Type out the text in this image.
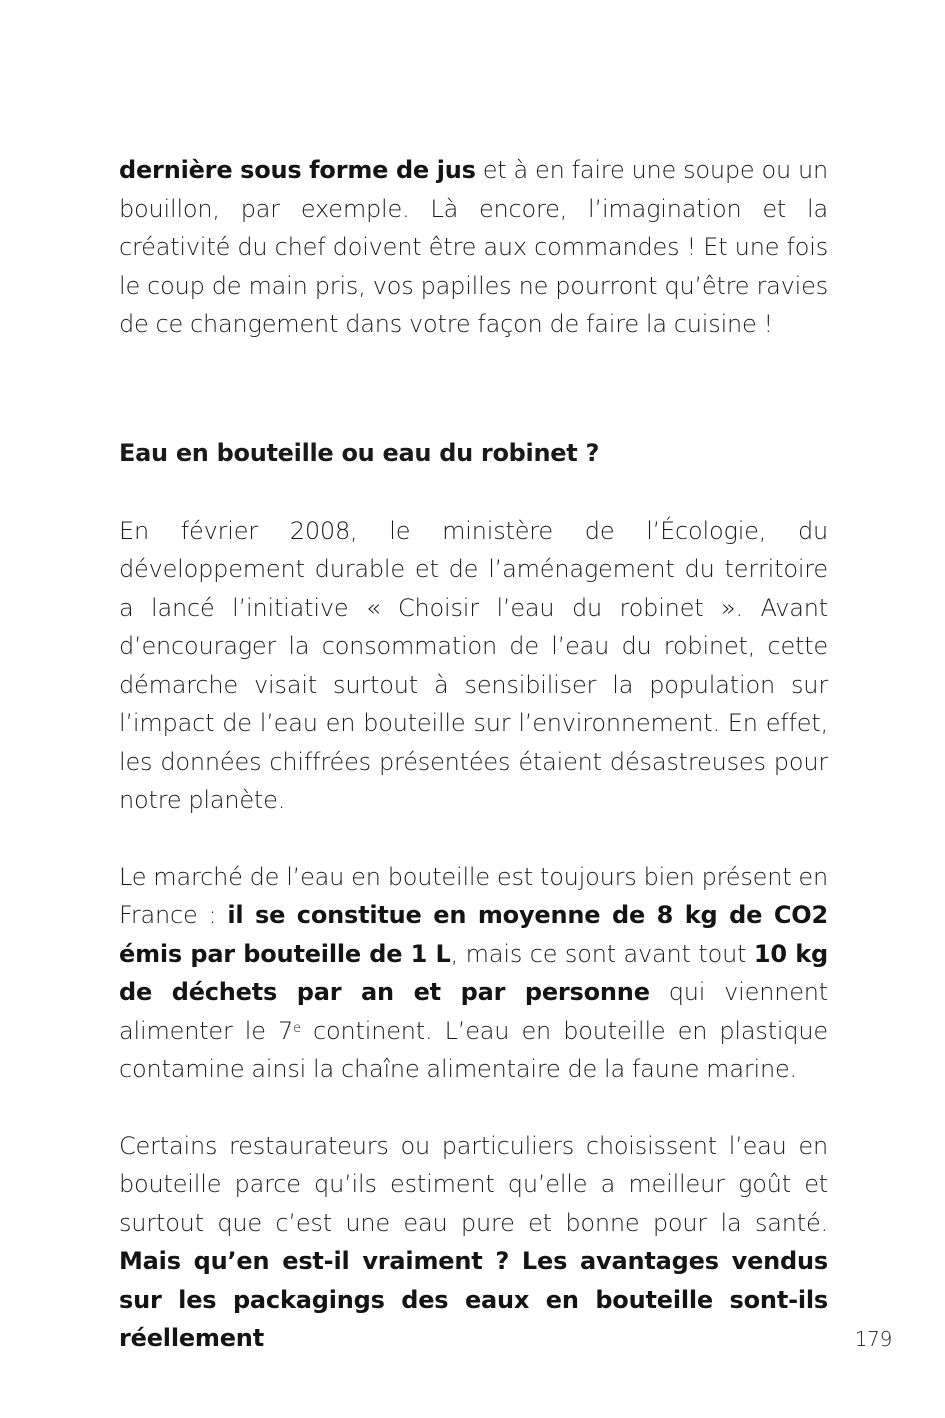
dernière sous forme de jus et à en faire une soupe ou un bouillon, par exemple. Là encore, l’imagination et la créativité du chef doivent être aux commandes ! Et une fois le coup de main pris, vos papilles ne pourront qu’être ravies de ce changement dans votre façon de faire la cuisine !

Eau en bouteille ou eau du robinet ?

En février 2008, le ministère de l’Écologie, du développement durable et de l’aménagement du territoire a lancé l’initiative « Choisir l’eau du robinet ». Avant d’encourager la consommation de l’eau du robinet, cette démarche visait surtout à sensibiliser la population sur l’impact de l’eau en bouteille sur l’environnement. En effet, les données chiffrées présentées étaient désastreuses pour notre planète.

Le marché de l’eau en bouteille est toujours bien présent en France : il se constitue en moyenne de 8 kg de CO2 émis par bouteille de 1 L, mais ce sont avant tout 10 kg de déchets par an et par personne qui viennent alimenter le 7e continent. L’eau en bouteille en plastique contamine ainsi la chaîne alimentaire de la faune marine.

Certains restaurateurs ou particuliers choisissent l’eau en bouteille parce qu’ils estiment qu’elle a meilleur goût et surtout que c’est une eau pure et bonne pour la santé. Mais qu’en est-il vraiment ? Les avantages vendus sur les packagings des eaux en bouteille sont-ils réellement	179
